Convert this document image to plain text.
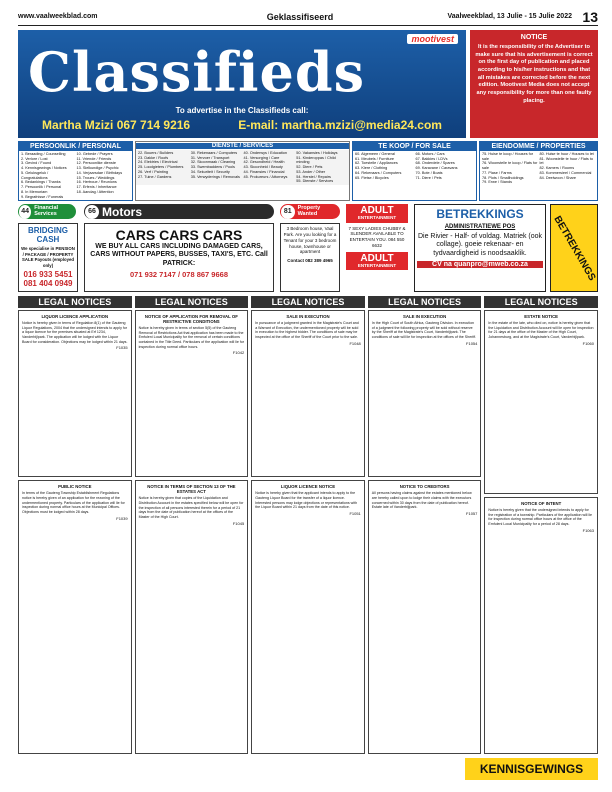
www.vaalweekblad.com	Geklassifiseerd	Vaalweekblad, 13 Julie - 15 Julie 2022 13
mootivest
Classifieds
To advertise in the Classifieds call:
Martha Mzizi 067 714 9216	E-mail: martha.mzizi@media24.com
NOTICE
It is the responsibility of the Advertiser to make sure that his advertisement is correct on the first day of publication and placed according to his/her instructions and that all mistakes are corrected before the next edition. Mootivest Media does not accept any responsibility for more than one faulty placing.
PERSOONLIK / PERSONAL
1. Beraading / Counselling
2. Verlore / Lost
3. Gevind / Found
4. Kennisgewings / Notices
5. Geluksgeluk / Congratulations
6. Bedankings / Thanks
7. Persoonlik / Personal
8. In Memoriam
9. Begrafnisse / Funerals
10. Gebede / Prayers
11. Vriende / Friends
12. Persoonlike dienste
13. Sielkundige / Psychic
14. Verjaarsdae / Birthdays
15. Troues / Weddings
16. Hertroue / Reunions
17. Erfenis / Inheritance
18. Aandag / Attention
DIENSTE / SERVICES
22. Bouers / Builders
23. Dakke / Roofs
24. Elektries / Electrical
25. Loodgieters / Plumbers
26. Verf / Painting
27. Tuine / Gardens
30. Rekenaars / Computers
31. Vervoer / Transport
32. Skoonmaak / Cleaning
33. Swembaddens / Pools
34. Sekuriteit / Security
35. Verwyderings / Removals
40. Onderwys / Education
41. Versorging / Care
42. Gesondheid / Health
43. Skoonheid / Beauty
44. Finansies / Financial
45. Prokureurs / Attorneys
50. Vakansies / Holidays
51. Kinderoppas / Child minding
52. Diere / Pets
53. Ander / Other
54. Herstel / Repairs
55. Dienste / Services
TE KOOP / FOR SALE
60. Algemeen / General
61. Meubels / Furniture
62. Toestelle / Appliances
63. Klere / Clothing
64. Rekenaars / Computers
65. Fietse / Bicycles
66. Motors / Cars
67. Bakkies / LDVs
68. Onderdele / Spares
69. Karavane / Caravans
70. Bote / Boats
71. Diere / Pets
EIENDOMME / PROPERTIES
75. Huise te koop / Houses for sale
76. Woonstelle te koop / Flats for sale
77. Plase / Farms
78. Plots / Smallholdings
79. Erwe / Stands
80. Huise te huur / Houses to let
81. Woonstelle te huur / Flats to let
82. Kamers / Rooms
83. Kommersieel / Commercial
84. Deelwoon / Share
44 Financial Services	66 Motors	81	Property Wanted
BRIDGING CASH
We specialise in PENSION / PACKAGE / PROPERTY SALE Payouts (employed only)
016 933 5451
081 404 0949
CARS CARS CARS
WE BUY ALL CARS INCLUDING DAMAGED CARS, CARS WITHOUT PAPERS, BUSSES, TAXI'S, ETC. Call PATRICK:
071 932 7147 / 078 867 9668
3 Bedroom house, Vaal Park. Are you looking for a Tenant for your 3 bedroom house, townhouse or apartment
Contact 082 389 4965
ADULT
ENTERTAINMENT
7 SEXY LADIES CHUBBY & SLENDER AVAILABLE TO ENTERTAIN YOU. 084 550 6632
ADULT
ENTERTAINMENT
BETREKKINGS
ADMINISTRATIEWE POS
Die Rivier - Half- of voldag. Matriek (ook collage). goeie rekenaar- en tydvaardigheid is noodsaaklik.
CV na quanpro@mweb.co.za	BETREKKINGS
LEGAL NOTICES	LEGAL NOTICES	LEGAL NOTICES	LEGAL NOTICES	LEGAL NOTICES
LIQUOR LICENCE APPLICATION

Notice is hereby given in terms of Regulation 8(1) of the Gauteng Liquor Regulations, 2004 that the undersigned intends to apply for a liquor licence for the premises situated at Erf 1234, Vanderbijlpark. The application will be lodged with the Liquor Board for consideration. Objections may be lodged within 21 days.

F1035
PUBLIC NOTICE

In terms of the Gauteng Township Establishment Regulations notice is hereby given of an application for the rezoning of the undermentioned property. Particulars of the application will lie for inspection during normal office hours at the Municipal Offices. Objections must be lodged within 28 days.

F1039
NOTICE OF APPLICATION FOR REMOVAL OF RESTRICTIVE CONDITIONS

Notice is hereby given in terms of section 5(5) of the Gauteng Removal of Restrictions Act that application has been made to the Emfuleni Local Municipality for the removal of certain conditions contained in the Title Deed. Particulars of the application will lie for inspection during normal office hours.

F1042
NOTICE IN TERMS OF SECTION 13 OF THE ESTATES ACT

Notice is hereby given that copies of the Liquidation and Distribution Account in the estates specified below will be open for the inspection of all persons interested therein for a period of 21 days from the date of publication hereof at the offices of the Master of the High Court.

F1045
SALE IN EXECUTION

In pursuance of a judgment granted in the Magistrate's Court and a Warrant of Execution, the undermentioned property will be sold in execution to the highest bidder. The conditions of sale may be inspected at the office of the Sheriff of the Court prior to the sale.

F1048
LIQUOR LICENCE NOTICE

Notice is hereby given that the applicant intends to apply to the Gauteng Liquor Board for the transfer of a liquor licence. Interested persons may lodge objections or representations with the Liquor Board within 21 days from the date of this notice.

F1051
SALE IN EXECUTION

In the High Court of South Africa, Gauteng Division. In execution of a judgment the following property will be sold without reserve by the Sheriff at the Magistrate's Court, Vanderbijlpark. The conditions of sale will lie for inspection at the offices of the Sheriff.

F1054
NOTICE TO CREDITORS

All persons having claims against the estates mentioned below are hereby called upon to lodge their claims with the executors concerned within 30 days from the date of publication hereof. Estate late of Vanderbijlpark.

F1057
ESTATE NOTICE

In the estate of the late, who died on, notice is hereby given that the Liquidation and Distribution Account will lie open for inspection for 21 days at the office of the Master of the High Court, Johannesburg, and at the Magistrate's Court, Vanderbijlpark.

F1060
NOTICE OF INTENT

Notice is hereby given that the undersigned intends to apply for the registration of a township. Particulars of the application will lie for inspection during normal office hours at the office of the Emfuleni Local Municipality for a period of 28 days.

F1063
KENNISGEWINGS
